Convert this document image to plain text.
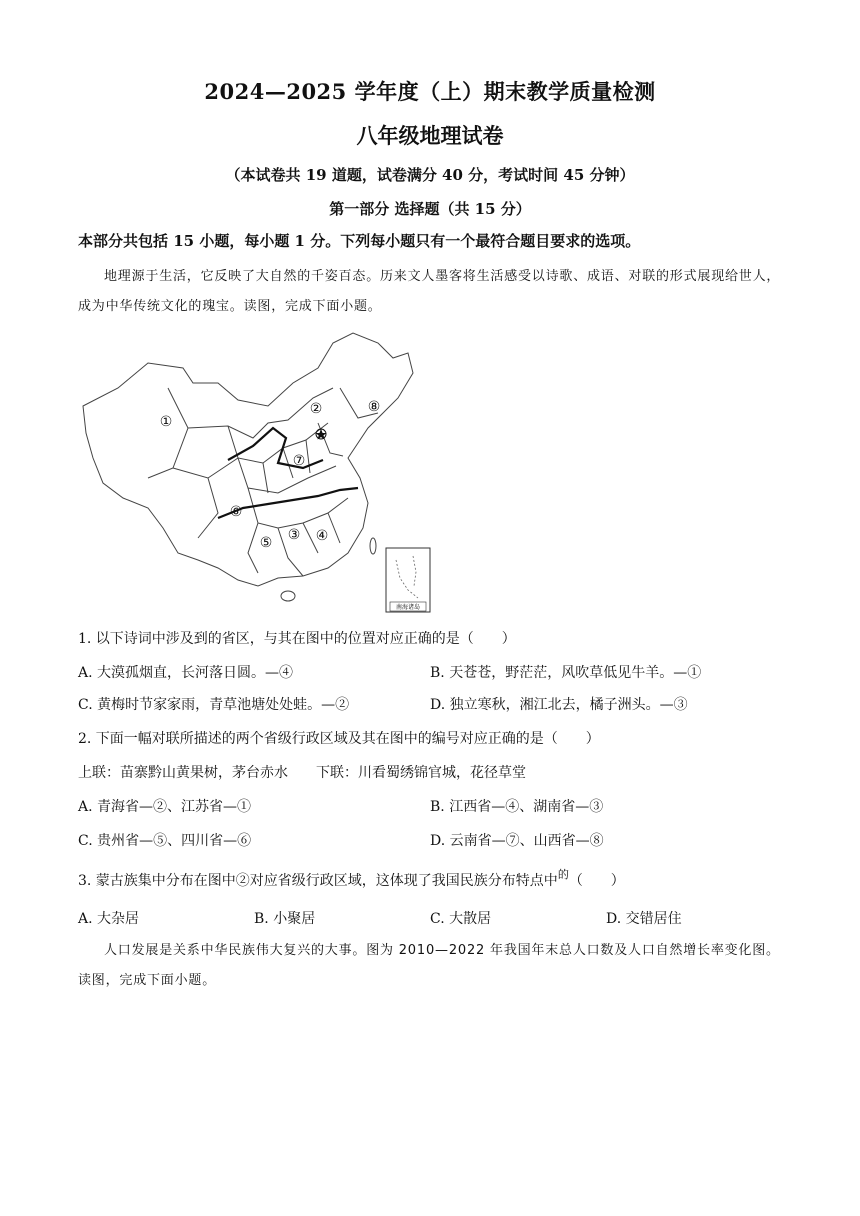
2024—2025 学年度（上）期末教学质量检测
八年级地理试卷
（本试卷共 19 道题，试卷满分 40 分，考试时间 45 分钟）
第一部分 选择题（共 15 分）
本部分共包括 15 小题，每小题 1 分。下列每小题只有一个最符合题目要求的选项。
地理源于生活，它反映了大自然的千姿百态。历来文人墨客将生活感受以诗歌、成语、对联的形式展现给世人，成为中华传统文化的瑰宝。读图，完成下面小题。
南海诸岛
①
②
③ ④
⑤
⑥
⑦
⑧
1. 以下诗词中涉及到的省区，与其在图中的位置对应正确的是（　　）
A. 大漠孤烟直，长河落日圆。—④	B. 天苍苍，野茫茫，风吹草低见牛羊。—①
C. 黄梅时节家家雨，青草池塘处处蛙。—②	D. 独立寒秋，湘江北去，橘子洲头。—③
2. 下面一幅对联所描述的两个省级行政区域及其在图中的编号对应正确的是（　　）
上联：苗寨黔山黄果树，茅台赤水　　下联：川看蜀绣锦官城，花径草堂
A. 青海省—②、江苏省—①	B. 江西省—④、湖南省—③
C. 贵州省—⑤、四川省—⑥	D. 云南省—⑦、山西省—⑧
3. 蒙古族集中分布在图中②对应省级行政区域，这体现了我国民族分布特点中$^的$（　　）
A. 大杂居	B. 小聚居	C. 大散居	D. 交错居住
人口发展是关系中华民族伟大复兴的大事。图为 2010—2022 年我国年末总人口数及人口自然增长率变化图。读图，完成下面小题。
